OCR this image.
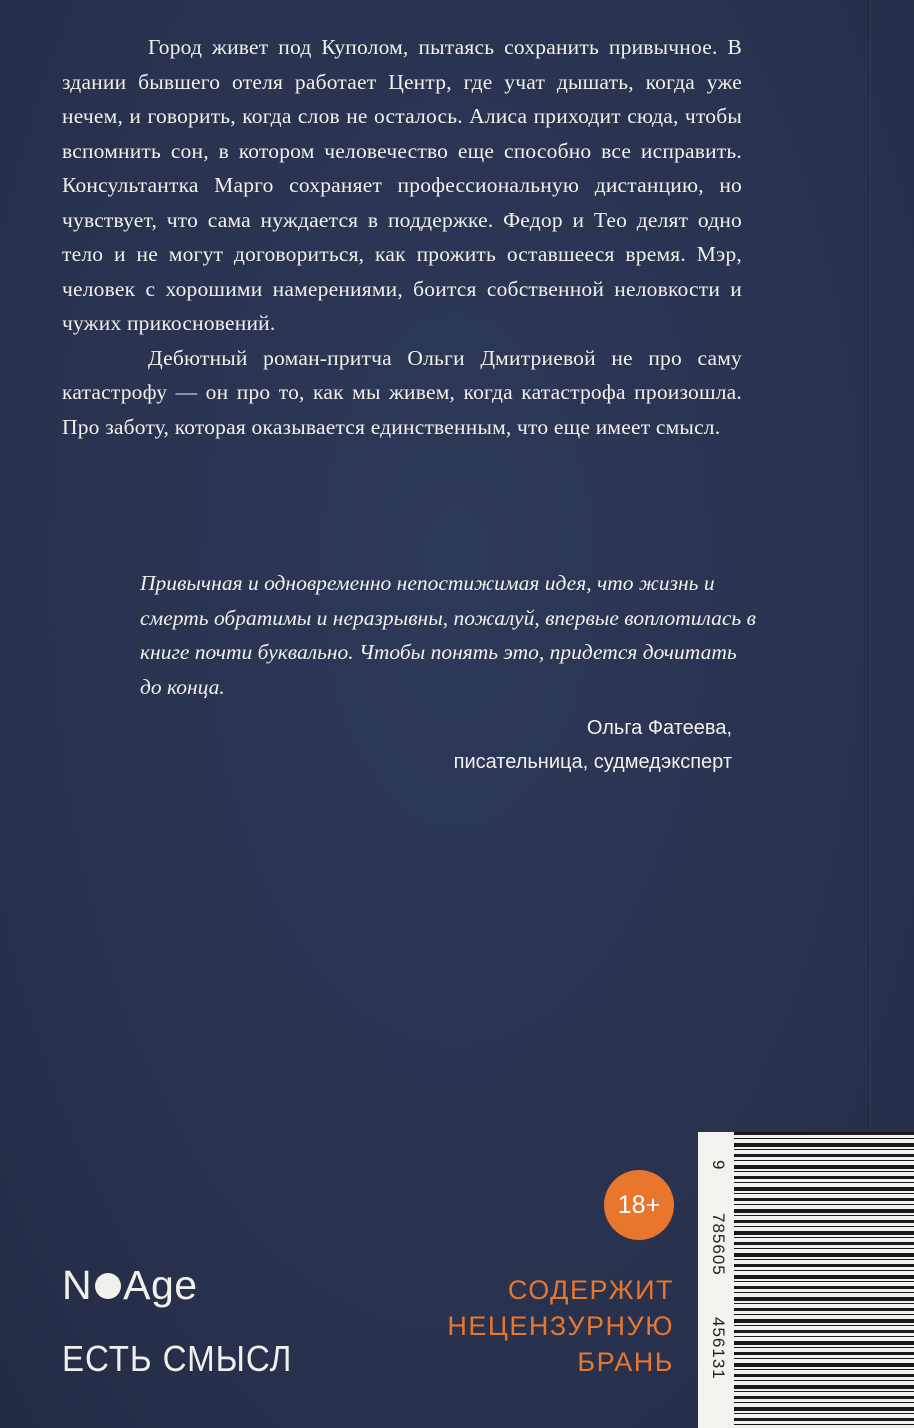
Город живет под Куполом, пытаясь сохранить привычное. В здании бывшего отеля работает Центр, где учат дышать, когда уже нечем, и говорить, когда слов не осталось. Алиса приходит сюда, чтобы вспомнить сон, в котором человечество еще способно все исправить. Консультантка Марго сохраняет профессиональную дистанцию, но чувствует, что сама нуждается в поддержке. Федор и Тео делят одно тело и не могут договориться, как прожить оставшееся время. Мэр, человек с хорошими намерениями, боится собственной неловкости и чужих прикосновений.

Дебютный роман-притча Ольги Дмитриевой не про саму катастрофу — он про то, как мы живем, когда катастрофа произошла. Про заботу, которая оказывается единственным, что еще имеет смысл.

Привычная и одновременно непостижимая идея, что жизнь и смерть обратимы и неразрывны, пожалуй, впервые воплотилась в книге почти буквально. Чтобы понять это, придется дочитать до конца.

Ольга Фатеева,
писательница, судмедэксперт
N Age
ЕСТЬ СМЫСЛ
18+
СОДЕРЖИТ
НЕЦЕНЗУРНУЮ
БРАНЬ
9
785605
456131
